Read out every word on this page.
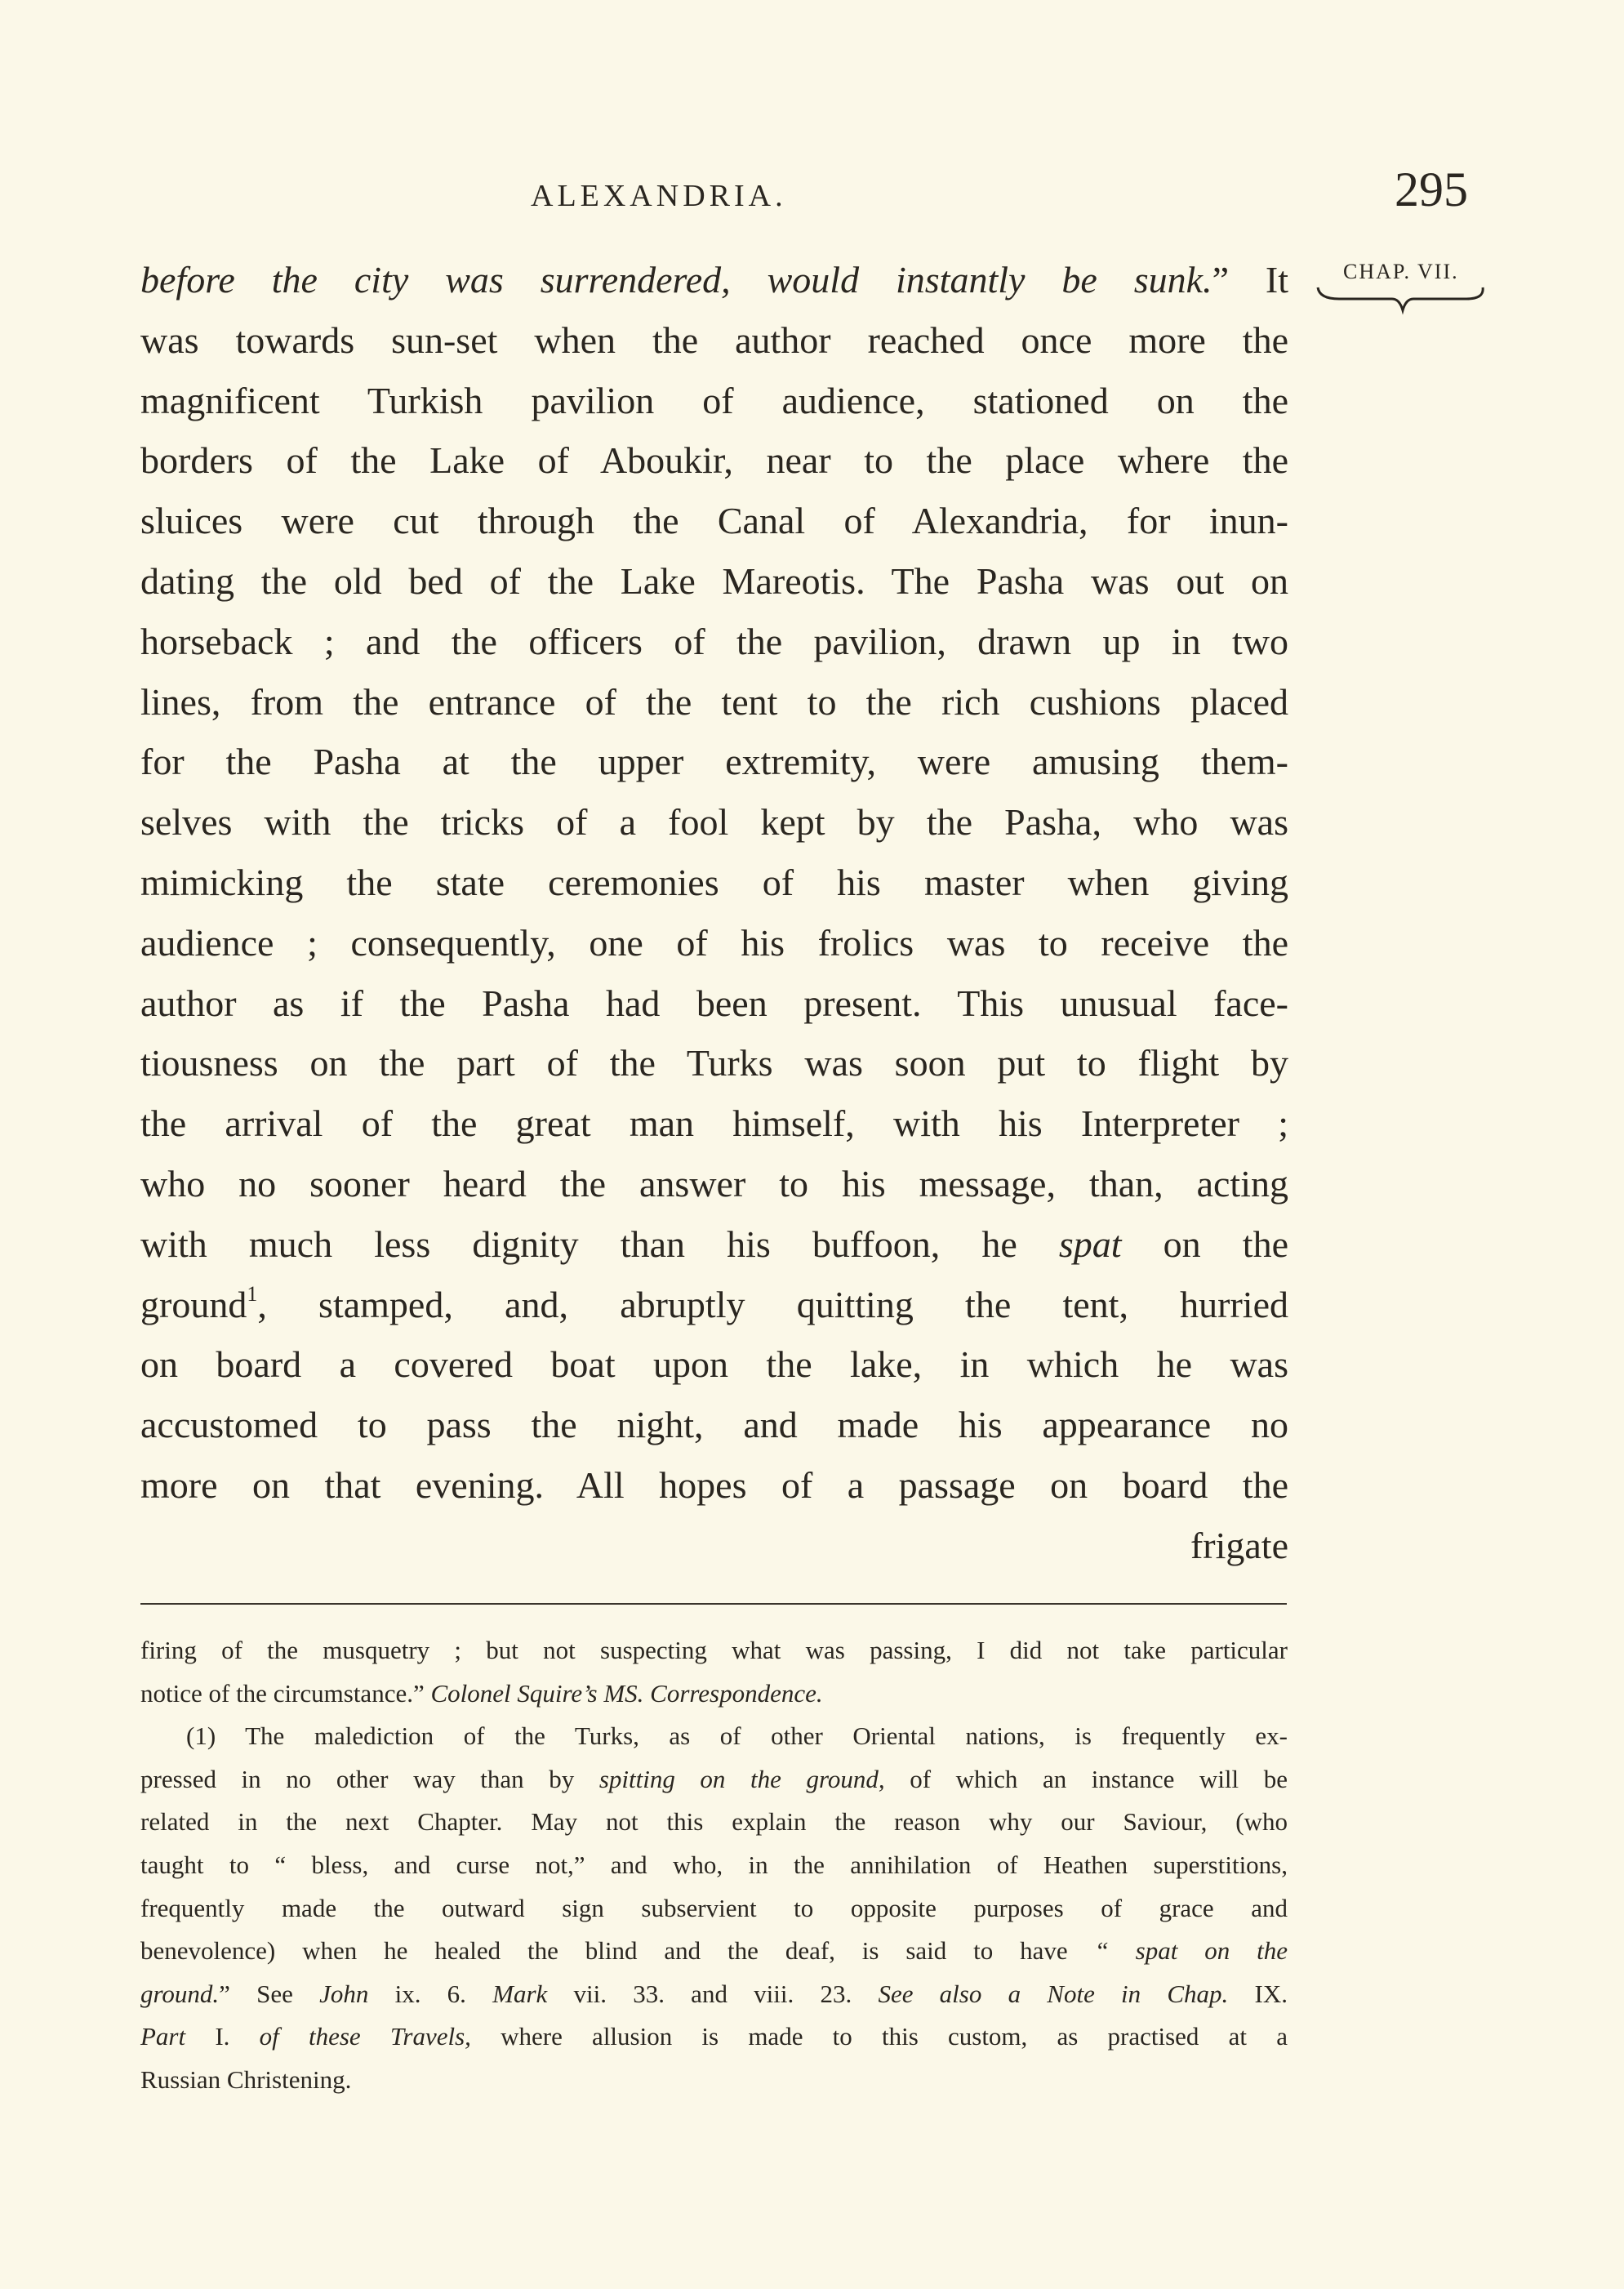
ALEXANDRIA.	295
CHAP. VII.
before the city was surrendered, would instantly be sunk.” It
was towards sun-set when the author reached once more the
magnificent Turkish pavilion of audience, stationed on the
borders of the Lake of Aboukir, near to the place where the
sluices were cut through the Canal of Alexandria, for inun-
dating the old bed of the Lake Mareotis. The Pasha was out on
horseback ; and the officers of the pavilion, drawn up in two
lines, from the entrance of the tent to the rich cushions placed
for the Pasha at the upper extremity, were amusing them-
selves with the tricks of a fool kept by the Pasha, who was
mimicking the state ceremonies of his master when giving
audience ; consequently, one of his frolics was to receive the
author as if the Pasha had been present. This unusual face-
tiousness on the part of the Turks was soon put to flight by
the arrival of the great man himself, with his Interpreter ;
who no sooner heard the answer to his message, than, acting
with much less dignity than his buffoon, he spat on the
ground$^1$, stamped, and, abruptly quitting the tent, hurried
on board a covered boat upon the lake, in which he was
accustomed to pass the night, and made his appearance no
more on that evening. All hopes of a passage on board the
frigate
firing of the musquetry ; but not suspecting what was passing, I did not take particular
notice of the circumstance.” Colonel Squire’s MS. Correspondence.
(1) The malediction of the Turks, as of other Oriental nations, is frequently ex-
pressed in no other way than by spitting on the ground, of which an instance will be
related in the next Chapter. May not this explain the reason why our Saviour, (who
taught to “ bless, and curse not,” and who, in the annihilation of Heathen superstitions,
frequently made the outward sign subservient to opposite purposes of grace and
benevolence) when he healed the blind and the deaf, is said to have “ spat on the
ground.” See John ix. 6. Mark vii. 33. and viii. 23. See also a Note in Chap. IX.
Part I. of these Travels, where allusion is made to this custom, as practised at a
Russian Christening.
